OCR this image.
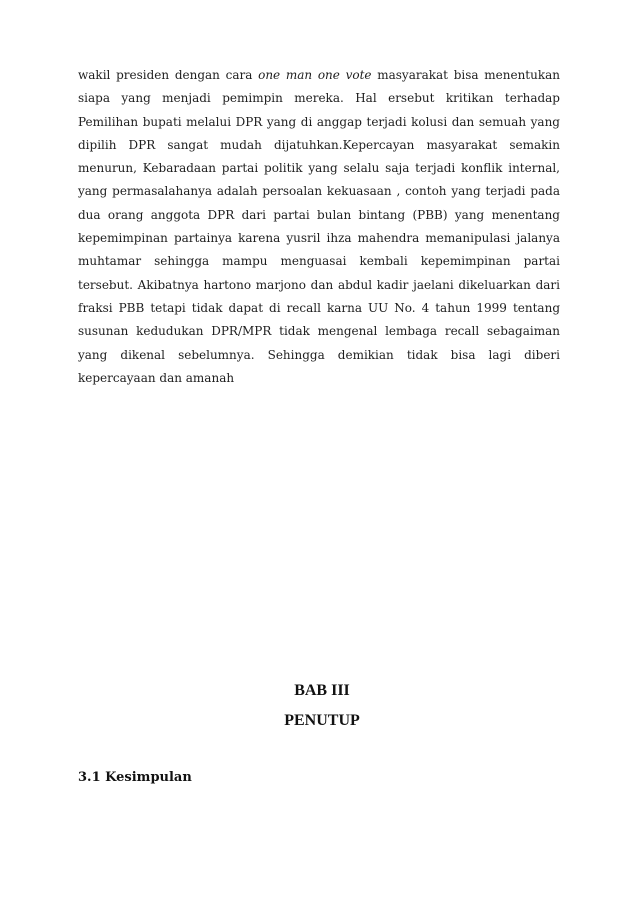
wakil presiden dengan cara one man one vote masyarakat bisa menentukan siapa yang menjadi pemimpin mereka. Hal ersebut kritikan terhadap Pemilihan bupati melalui DPR yang di anggap terjadi kolusi dan semuah yang dipilih DPR sangat mudah dijatuhkan.Kepercayan masyarakat semakin menurun, Kebaradaan partai politik yang selalu saja terjadi konflik internal, yang permasalahanya adalah persoalan kekuasaan , contoh yang terjadi pada dua orang anggota DPR dari partai bulan bintang (PBB) yang menentang kepemimpinan partainya karena yusril ihza mahendra memanipulasi jalanya muhtamar sehingga mampu menguasai kembali kepemimpinan partai tersebut. Akibatnya hartono marjono dan abdul kadir jaelani dikeluarkan dari fraksi PBB tetapi tidak dapat di recall karna UU No. 4 tahun 1999 tentang susunan kedudukan DPR/MPR tidak mengenal lembaga recall sebagaiman yang dikenal sebelumnya. Sehingga demikian tidak bisa lagi diberi kepercayaan dan amanah

BAB III
PENUTUP
3.1 Kesimpulan
